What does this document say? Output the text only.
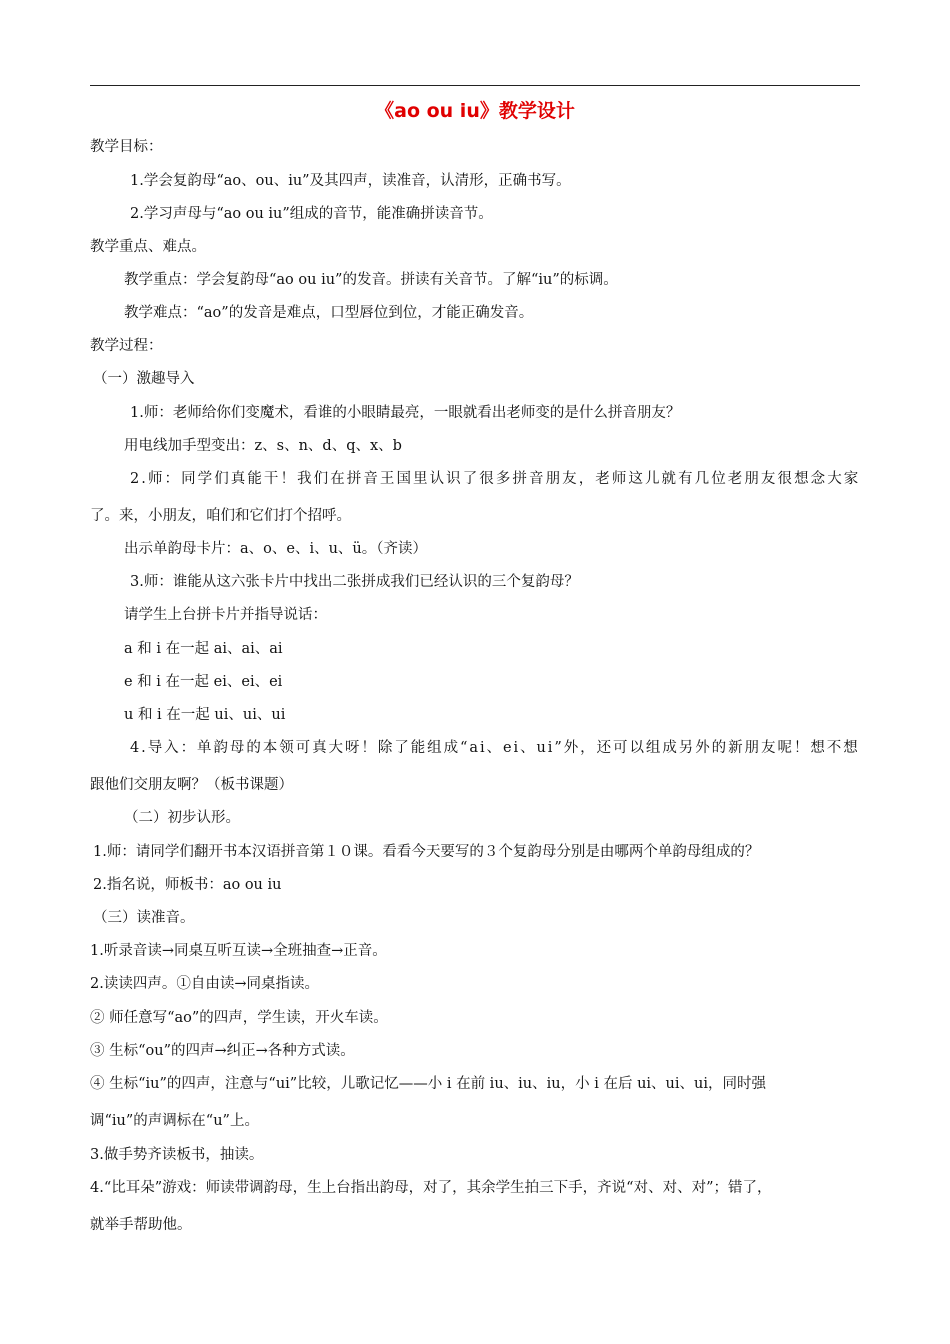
《ao ou iu》教学设计
教学目标：
1.学会复韵母“ao、ou、iu”及其四声，读准音，认清形，正确书写。
2.学习声母与“ao ou iu”组成的音节，能准确拼读音节。
教学重点、难点。
教学重点：学会复韵母“ao ou iu”的发音。拼读有关音节。了解“iu”的标调。
教学难点：“ao”的发音是难点，口型唇位到位，才能正确发音。
教学过程：
（一）激趣导入
1.师：老师给你们变魔术，看谁的小眼睛最亮，一眼就看出老师变的是什么拼音朋友？
用电线加手型变出：z、s、n、d、q、x、b
2.师：同学们真能干！我们在拼音王国里认识了很多拼音朋友，老师这儿就有几位老朋友很想念大家
了。来，小朋友，咱们和它们打个招呼。
出示单韵母卡片：a、o、e、i、u、ü。（齐读）
3.师：谁能从这六张卡片中找出二张拼成我们已经认识的三个复韵母？
请学生上台拼卡片并指导说话：
a 和 i 在一起 ai、ai、ai
e 和 i 在一起 ei、ei、ei
u 和 i 在一起 ui、ui、ui
4.导入：单韵母的本领可真大呀！除了能组成“ai、ei、ui”外，还可以组成另外的新朋友呢！想不想
跟他们交朋友啊？（板书课题）
（二）初步认形。
1.师：请同学们翻开书本汉语拼音第１０课。看看今天要写的３个复韵母分别是由哪两个单韵母组成的？
2.指名说，师板书：ao ou iu
（三）读准音。
1.听录音读→同桌互听互读→全班抽查→正音。
2.读读四声。①自由读→同桌指读。
② 师任意写“ao”的四声，学生读，开火车读。
③ 生标“ou”的四声→纠正→各种方式读。
④ 生标“iu”的四声，注意与“ui”比较，儿歌记忆——小 i 在前 iu、iu、iu，小 i 在后 ui、ui、ui，同时强
调“iu”的声调标在“u”上。
3.做手势齐读板书，抽读。
4.“比耳朵”游戏：师读带调韵母，生上台指出韵母，对了，其余学生拍三下手，齐说“对、对、对”；错了，
就举手帮助他。
